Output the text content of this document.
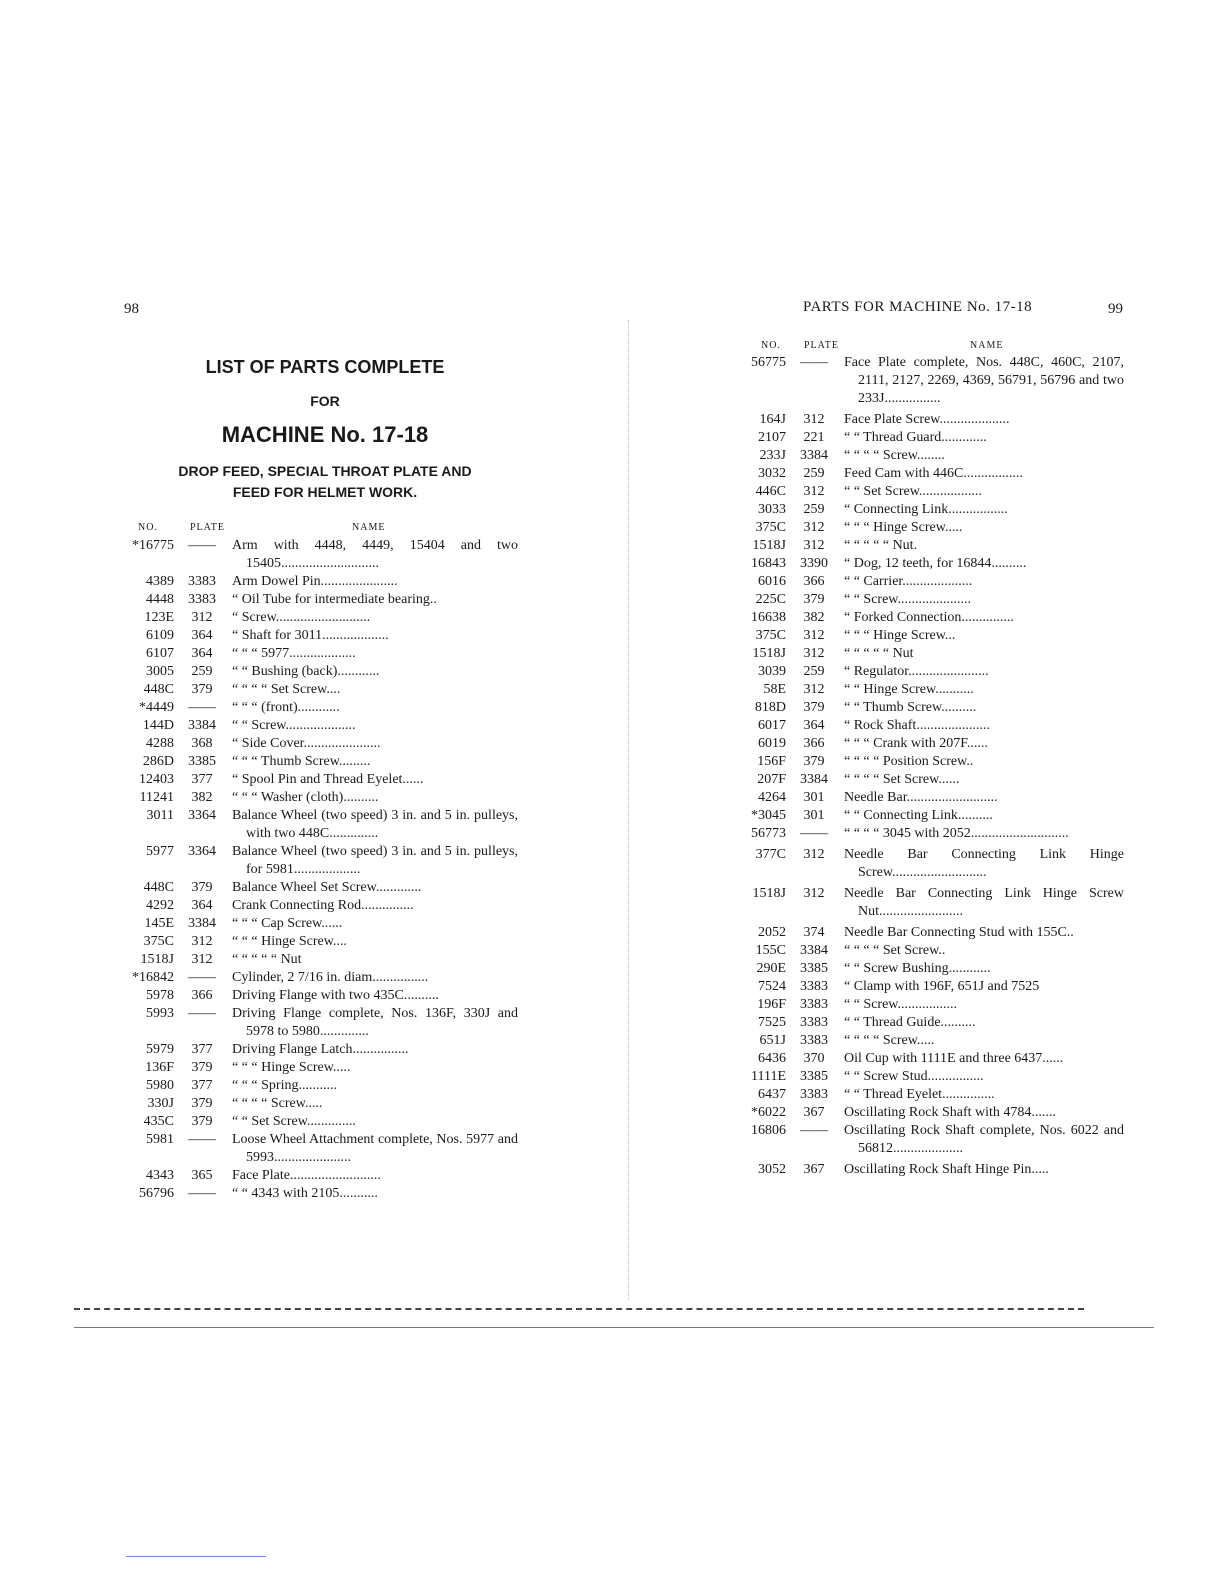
98
LIST OF PARTS COMPLETE
FOR
MACHINE No. 17-18
DROP FEED, SPECIAL THROAT PLATE AND
FEED FOR HELMET WORK.
NO.	PLATE	NAME
*16775 —— Arm with 4448, 4449, 15404 and two 15405............................
4389 3383 Arm Dowel Pin......................
4448 3383 “ Oil Tube for intermediate bearing..
123E	312	“ Screw...........................
6109	364	“ Shaft for 3011...................
6107	364	“ “ “ 5977...................
3005	259	“ “ Bushing (back)............
448C	379	“ “ “ “ Set Screw....
*4449 —— “ “ “ (front)............
144D 3384 “ “ Screw....................
4288	368	“ Side Cover......................
286D 3385 “ “ “ Thumb Screw.........
12403	377	“ Spool Pin and Thread Eyelet......
11241	382	“ “ “ Washer (cloth)..........
3011 3364 Balance Wheel (two speed) 3 in. and 5 in. pulleys, with two 448C..............
5977 3364 Balance Wheel (two speed) 3 in. and 5 in. pulleys, for 5981...................
448C	379	Balance Wheel Set Screw.............
4292	364	Crank Connecting Rod...............
145E 3384 “ “ “ Cap Screw......
375C	312	“ “ “ Hinge Screw....
1518J	312	“ “ “ “ “ Nut
*16842 —— Cylinder, 2 7/16 in. diam................
5978	366	Driving Flange with two 435C..........
5993 —— Driving Flange complete, Nos. 136F, 330J and 5978 to 5980..............
5979	377	Driving Flange Latch................
136F	379	“ “ “ Hinge Screw.....
5980	377	“ “ “ Spring...........
330J	379	“ “ “ “ Screw.....
435C	379	“ “ Set Screw..............
5981 —— Loose Wheel Attachment complete, Nos. 5977 and 5993......................
4343	365	Face Plate..........................
56796 —— “ “ 4343 with 2105...........
PARTS FOR MACHINE No. 17-18	99
NO. PLATE	NAME
56775 —— Face Plate complete, Nos. 448C, 460C, 2107, 2111, 2127, 2269, 4369, 56791, 56796 and two 233J................
164J	312	Face Plate Screw....................
2107	221	“ “ Thread Guard.............
233J 3384 “ “ “ “ Screw........
3032	259	Feed Cam with 446C.................
446C	312	“ “ Set Screw..................
3033	259	“ Connecting Link.................
375C	312	“ “ “ Hinge Screw.....
1518J	312	“ “ “ “ “ Nut.
16843 3390 “ Dog, 12 teeth, for 16844..........
6016	366	“ “ Carrier....................
225C	379	“ “ Screw.....................
16638	382	“ Forked Connection...............
375C	312	“ “ “ Hinge Screw...
1518J	312	“ “ “ “ “ Nut
3039	259	“ Regulator.......................
58E	312	“ “ Hinge Screw...........
818D	379	“ “ Thumb Screw..........
6017	364	“ Rock Shaft.....................
6019	366	“ “ “ Crank with 207F......
156F	379	“ “ “ “ Position Screw..
207F 3384 “ “ “ “ Set Screw......
4264	301	Needle Bar..........................
*3045	301	“ “ Connecting Link..........
56773 —— “ “ “ “ 3045 with 2052............................
377C	312	Needle Bar Connecting Link Hinge Screw...........................
1518J	312	Needle Bar Connecting Link Hinge Screw Nut........................
2052	374	Needle Bar Connecting Stud with 155C..
155C 3384 “ “ “ “ Set Screw..
290E 3385 “ “ Screw Bushing............
7524 3383 “ Clamp with 196F, 651J and 7525
196F 3383 “ “ Screw.................
7525 3383 “ “ Thread Guide..........
651J 3383 “ “ “ “ Screw.....
6436	370	Oil Cup with 1111E and three 6437......
1111E 3385 “ “ Screw Stud................
6437 3383 “ “ Thread Eyelet...............
*6022	367	Oscillating Rock Shaft with 4784.......
16806 —— Oscillating Rock Shaft complete, Nos. 6022 and 56812....................
3052	367	Oscillating Rock Shaft Hinge Pin.....
